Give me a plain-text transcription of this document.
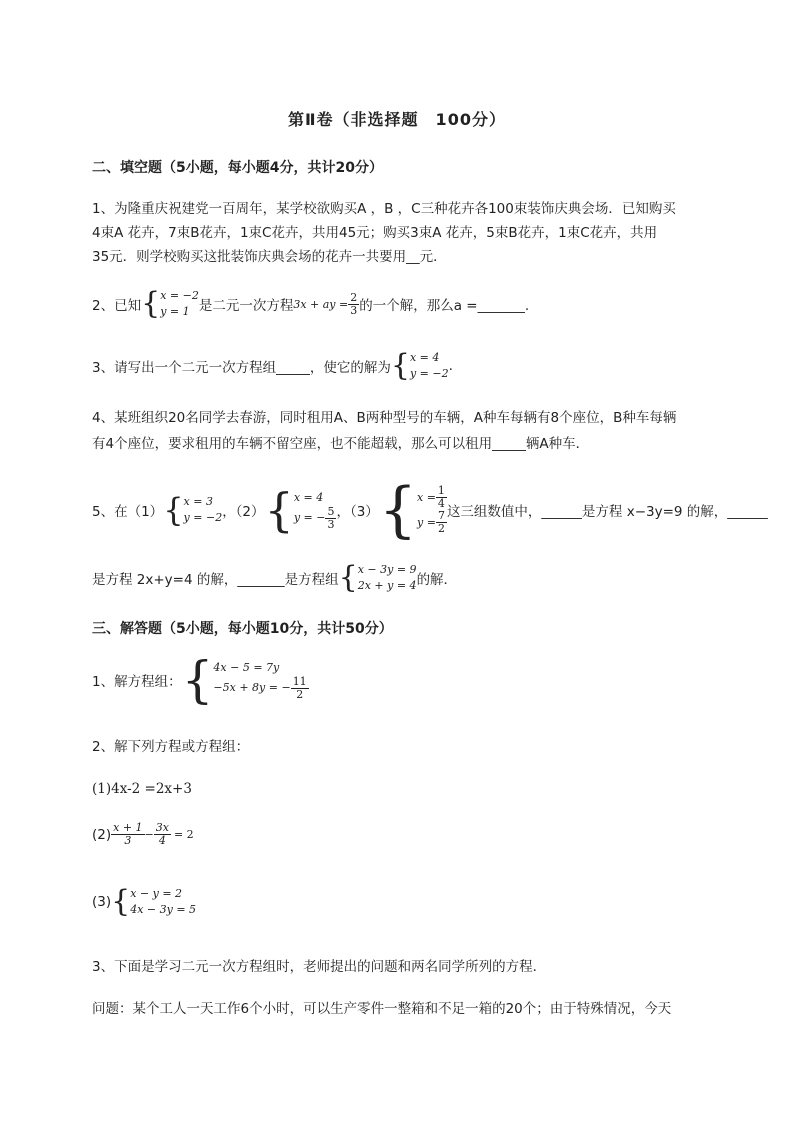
第Ⅱ卷（非选择题　100分）
二、填空题（5小题，每小题4分，共计20分）
1、为隆重庆祝建党一百周年，某学校欲购买A ，B ，C三种花卉各100束装饰庆典会场．已知购买
4束A 花卉，7束B花卉，1束C花卉，共用45元；购买3束A 花卉，5束B花卉，1束C花卉，共用
35元．则学校购买这批装饰庆典会场的花卉一共要用__元．
2、已知 { x = −2
y = 1 是二元一次方程 3x + ay = $\frac{2}{3}$ 的一个解，那么a =_______.
3、请写出一个二元一次方程组_____，使它的解为 { x = 4
y = −2 .
4、某班组织20名同学去春游，同时租用A、B两种型号的车辆，A种车每辆有8个座位，B种车每辆
有4个座位，要求租用的车辆不留空座，也不能超载，那么可以租用_____辆A种车．
5、在（1） { x = 3
y = −2 ，（2） { x = 4
y = − $\frac{5}{3}$ ，（3） { $x = \frac{1}{4}$
$y = \frac{7}{2}$ 这三组数值中，______是方程 x−3y=9 的解，______
是方程 2x+y=4 的解，_______是方程组 { x − 3y = 9
2x + y = 4 的解．
三、解答题（5小题，每小题10分，共计50分）
1、解方程组： { 4x − 5 = 7y
−5x + 8y = − $\frac{11}{2}$
2、解下列方程或方程组：
(1)4x-2 =2x+3
$(2) \frac{x + 1}{3} - \frac{3x}{4} = 2$
(3) { x − y = 2
4x − 3y = 5
3、下面是学习二元一次方程组时，老师提出的问题和两名同学所列的方程．
问题：某个工人一天工作6个小时，可以生产零件一整箱和不足一箱的20个；由于特殊情况，今天
